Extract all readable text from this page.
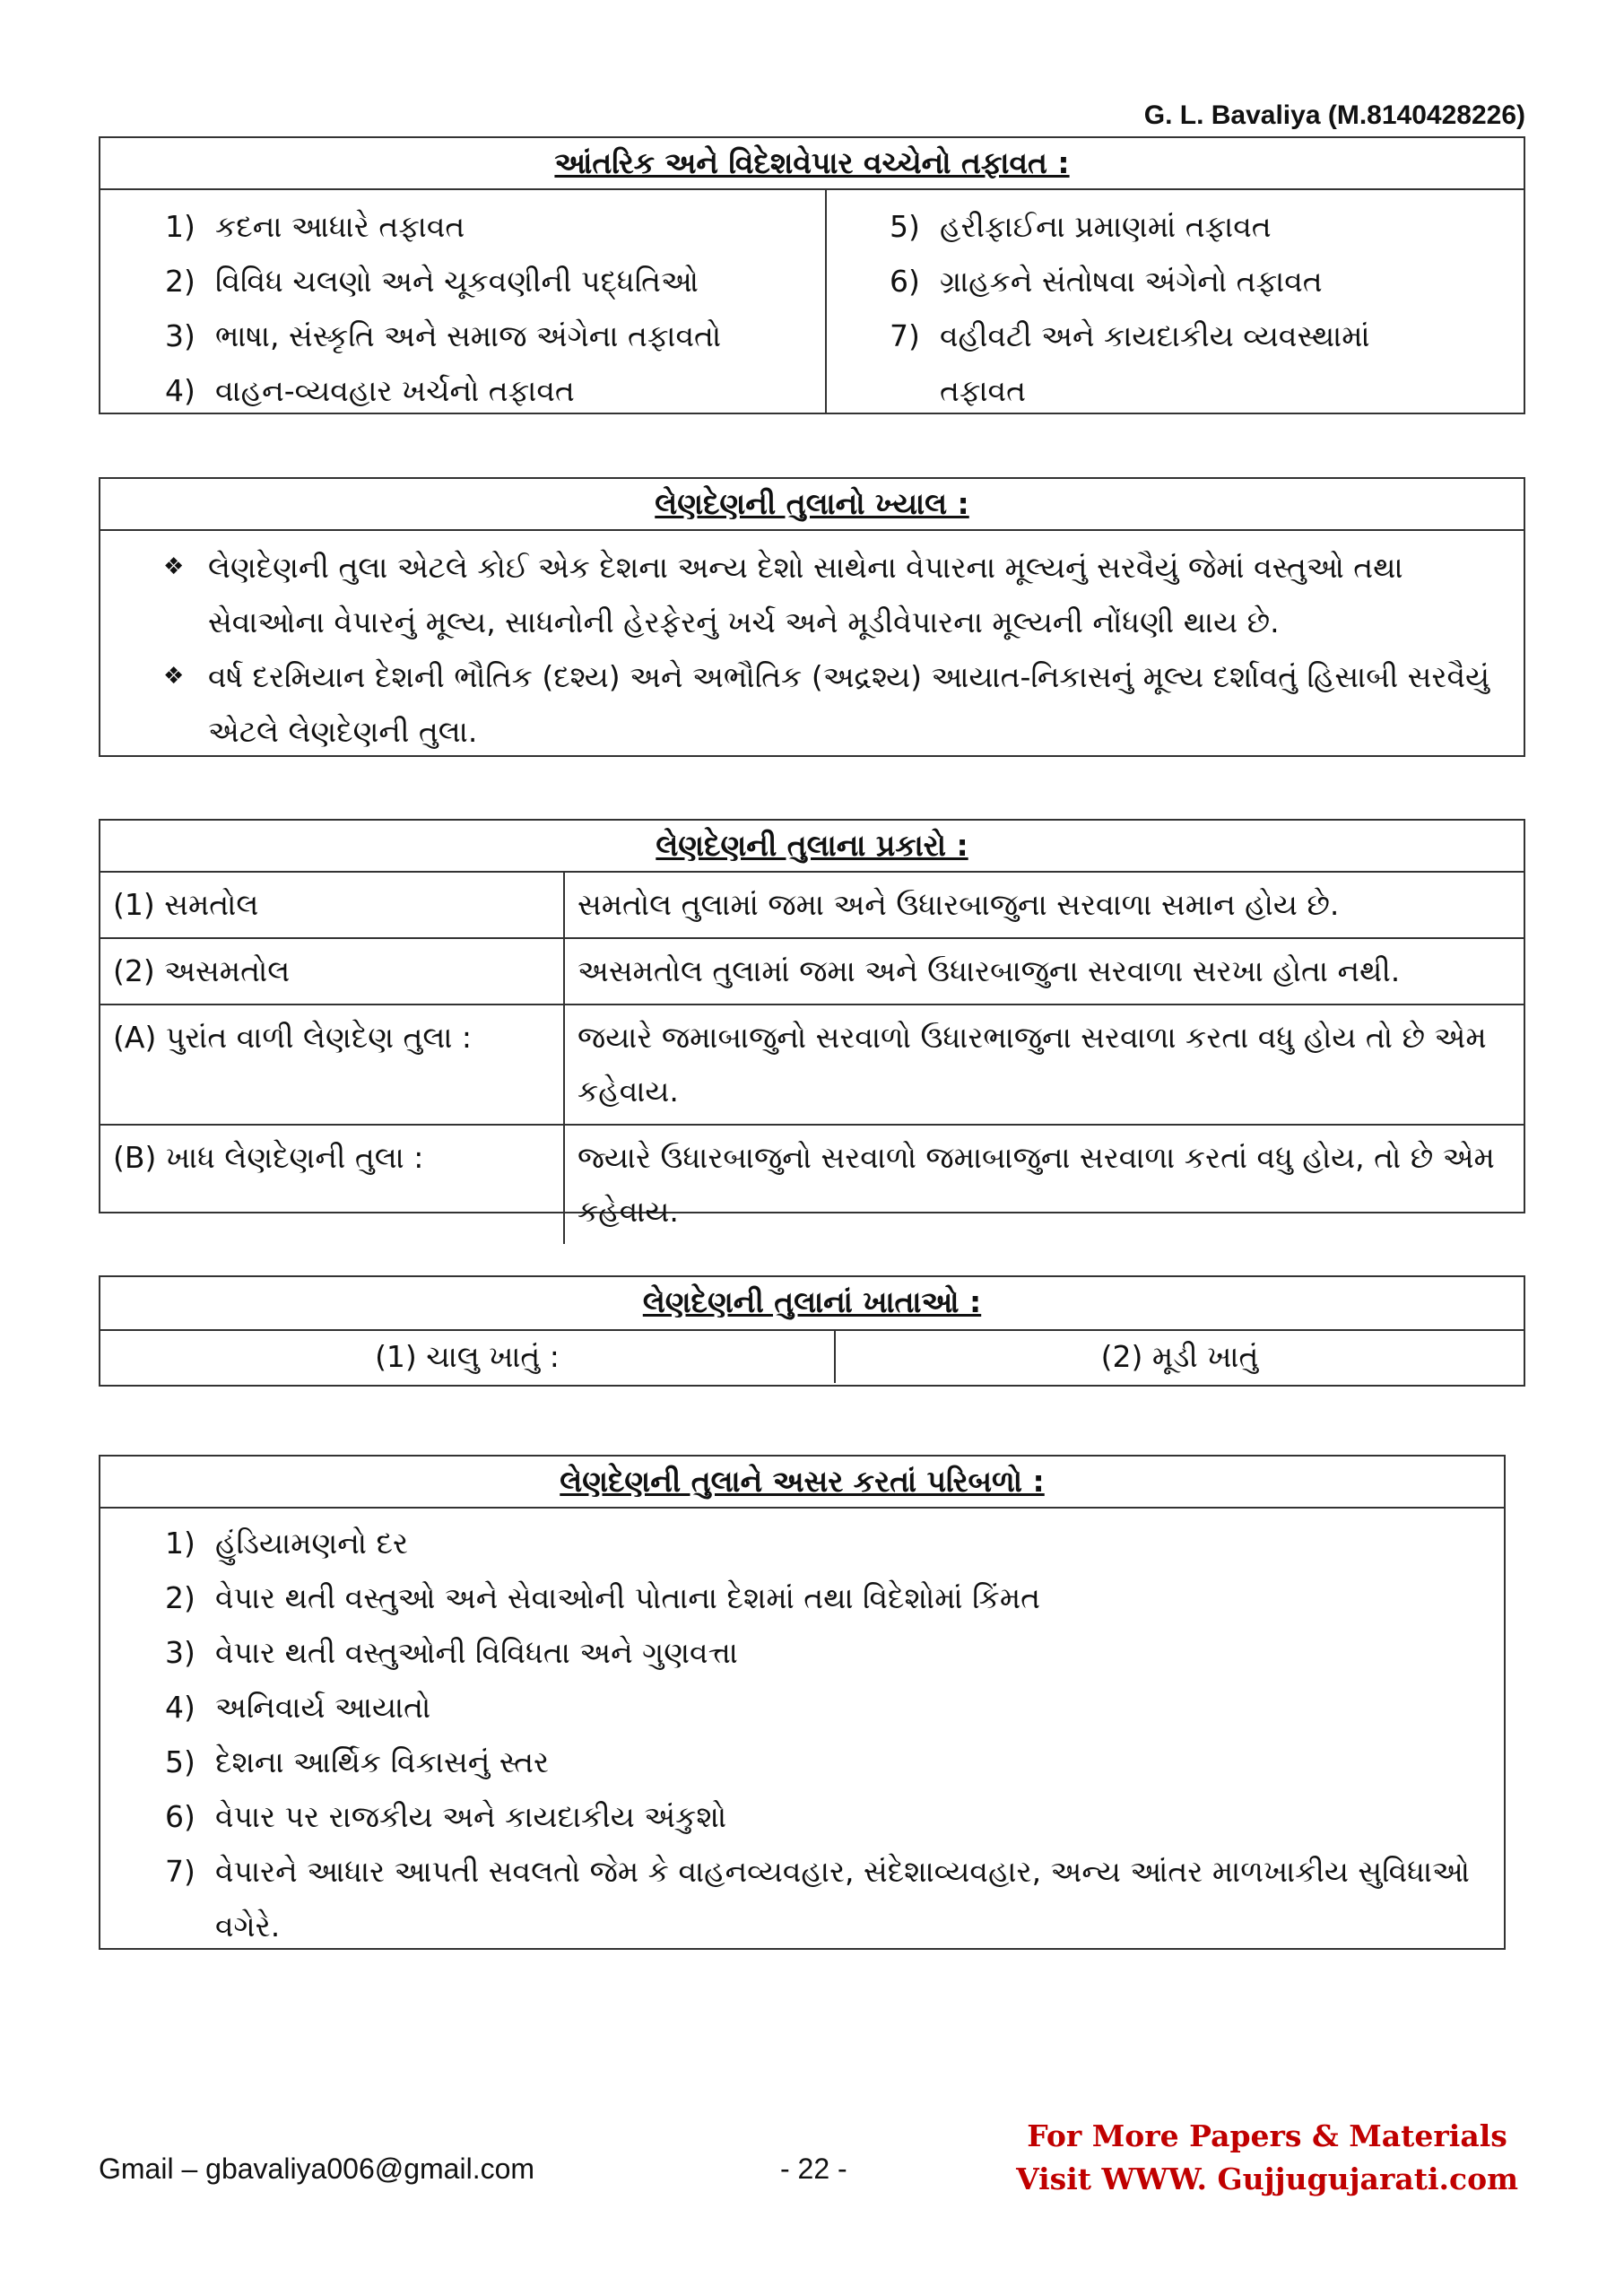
G. L. Bavaliya (M.8140428226)
આંતરિક અને વિદેશવેપાર વચ્ચેનો તફાવત :
1) કદના આધારે તફાવત
2) વિવિધ ચલણો અને ચૂકવણીની પદ્ધતિઓ
3) ભાષા, સંસ્કૃતિ અને સમાજ અંગેના તફાવતો
4) વાહન-વ્યવહાર ખર્ચનો તફાવત
5) હરીફાઈના પ્રમાણમાં તફાવત
6) ગ્રાહકને સંતોષવા અંગેનો તફાવત
7) વહીવટી અને કાયદાકીય વ્યવસ્થામાં
તફાવત
લેણદેણની તુલાનો ખ્યાલ :
❖ લેણદેણની તુલા એટલે કોઈ એક દેશના અન્ય દેશો સાથેના વેપારના મૂલ્યનું સરવૈયું જેમાં વસ્તુઓ તથા સેવાઓના વેપારનું મૂલ્ય, સાધનોની હેરફેરનું ખર્ચ અને મૂડીવેપારના મૂલ્યની નોંધણી થાય છે.
❖ વર્ષ દરમિયાન દેશની ભૌતિક (દશ્ય) અને અભૌતિક (અદ્રશ્ય) આયાત-નિકાસનું મૂલ્ય દર્શાવતું હિસાબી સરવૈયું એટલે લેણદેણની તુલા.
લેણદેણની તુલાના પ્રકારો :
(1) સમતોલ	સમતોલ તુલામાં જમા અને ઉધારબાજુના સરવાળા સમાન હોય છે.
(2) અસમતોલ	અસમતોલ તુલામાં જમા અને ઉધારબાજુના સરવાળા સરખા હોતા નથી.
(A) પુરાંત વાળી લેણદેણ તુલા :	જયારે જમાબાજુનો સરવાળો ઉધારભાજુના સરવાળા કરતા વધુ હોય તો છે એમ કહેવાય.
(B) ખાધ લેણદેણની તુલા :	જ્યારે ઉધારબાજુનો સરવાળો જમાબાજુના સરવાળા કરતાં વધુ હોય, તો છે એમ કહેવાય.
લેણદેણની તુલાનાં ખાતાઓ :
(1) ચાલુ ખાતું :	(2) મૂડી ખાતું
લેણદેણની તુલાને અસર કરતાં પરિબળો :
1) હુંડિયામણનો દર
2) વેપાર થતી વસ્તુઓ અને સેવાઓની પોતાના દેશમાં તથા વિદેશોમાં કિંમત
3) વેપાર થતી વસ્તુઓની વિવિધતા અને ગુણવત્તા
4) અનિવાર્ય આયાતો
5) દેશના આર્થિક વિકાસનું સ્તર
6) વેપાર પર રાજકીય અને કાયદાકીય અંકુશો
7) વેપારને આધાર આપતી સવલતો જેમ કે વાહનવ્યવહાર, સંદેશાવ્યવહાર, અન્ય આંતર માળખાકીય સુવિધાઓ વગેરે.
Gmail – gbavaliya006@gmail.com	- 22 -
For More Papers & Materials
Visit WWW. Gujjugujarati.com
